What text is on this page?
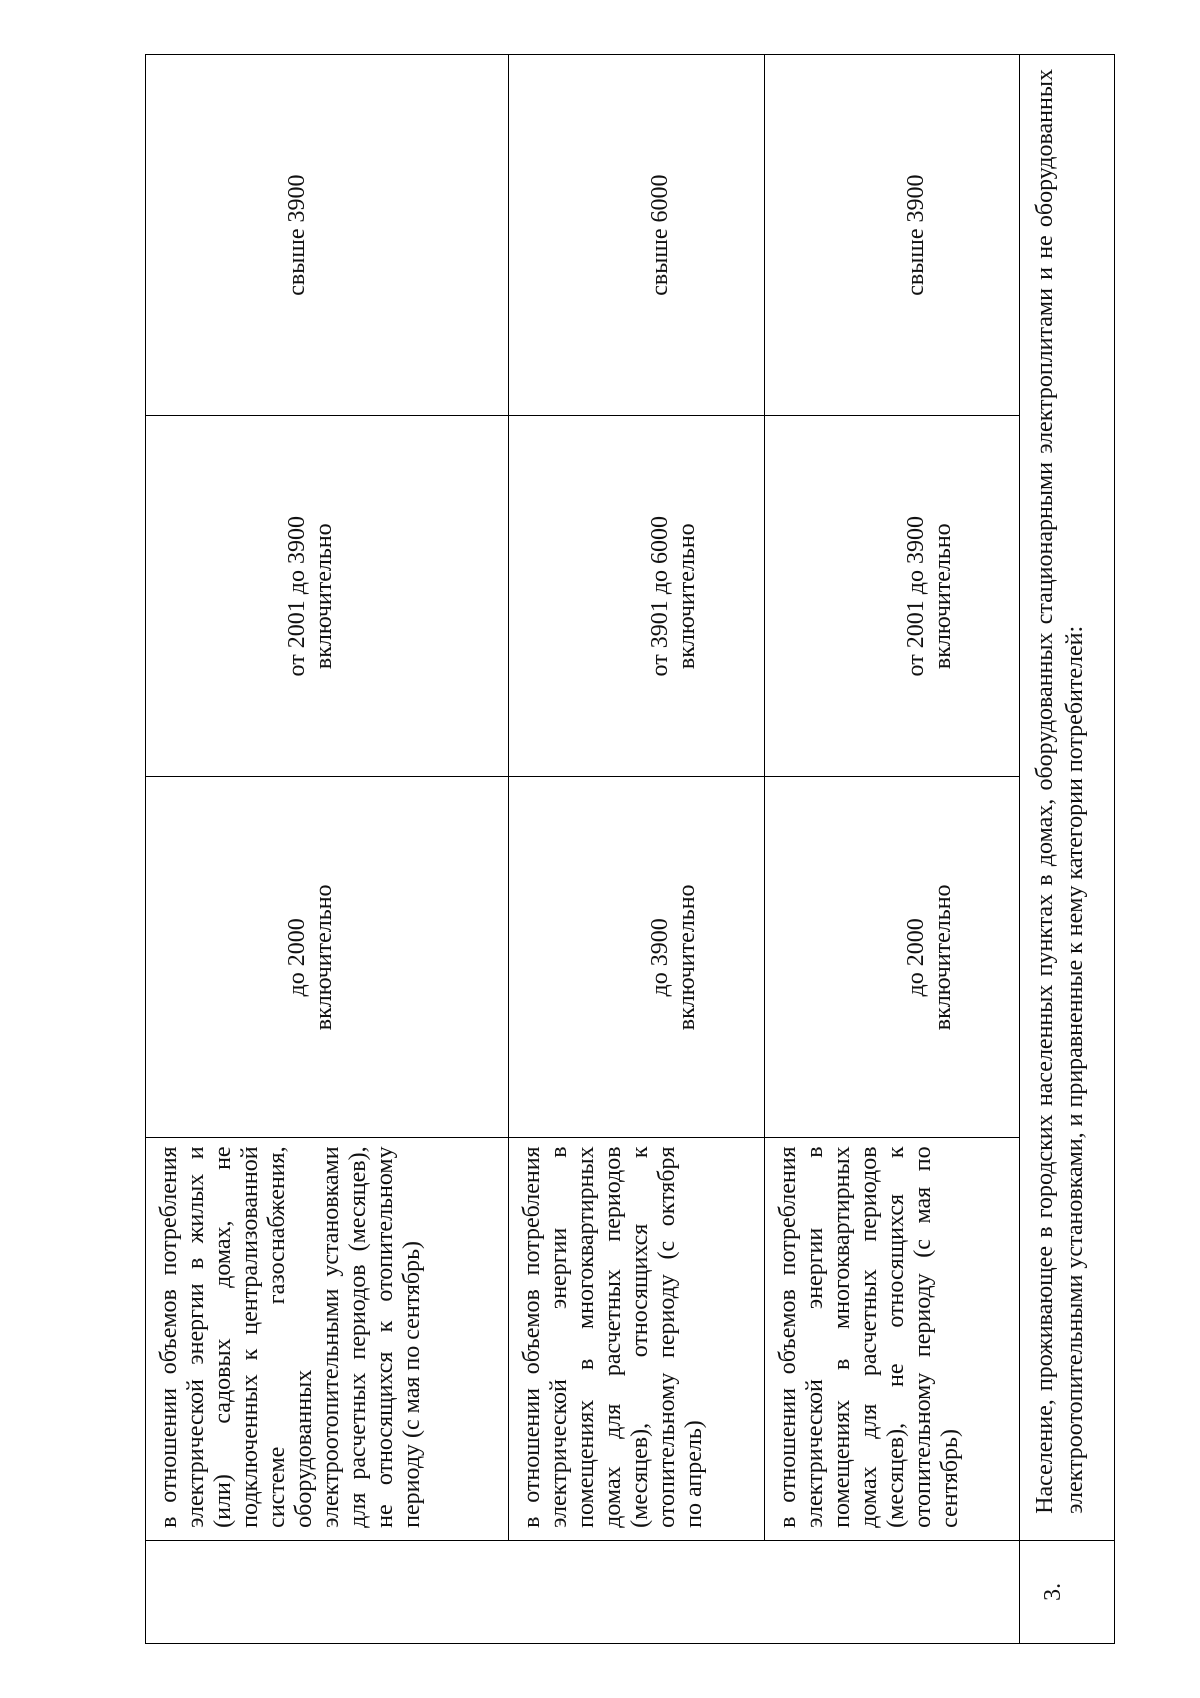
	в отношении объемов потребления электрической энергии в жилых и (или) садовых домах, не подключенных к централизованной системе газоснабжения, оборудованных электроотопительными установками для расчетных периодов (месяцев), не относящихся к отопительному периоду (с мая по сентябрь)	до 2000 включительно	от 2001 до 3900 включительно	свыше 3900

	в отношении объемов потребления электрической энергии в помещениях в многоквартирных домах для расчетных периодов (месяцев), относящихся к отопительному периоду (с октября по апрель)	до 3900 включительно	от 3901 до 6000 включительно	свыше 6000

	в отношении объемов потребления электрической энергии в помещениях в многоквартирных домах для расчетных периодов (месяцев), не относящихся к отопительному периоду (с мая по сентябрь)	до 2000 включительно	от 2001 до 3900 включительно	свыше 3900

3.	Население, проживающее в городских населенных пунктах в домах, оборудованных стационарными электроплитами и не оборудованных электроотопительными установками, и приравненные к нему категории потребителей:			
